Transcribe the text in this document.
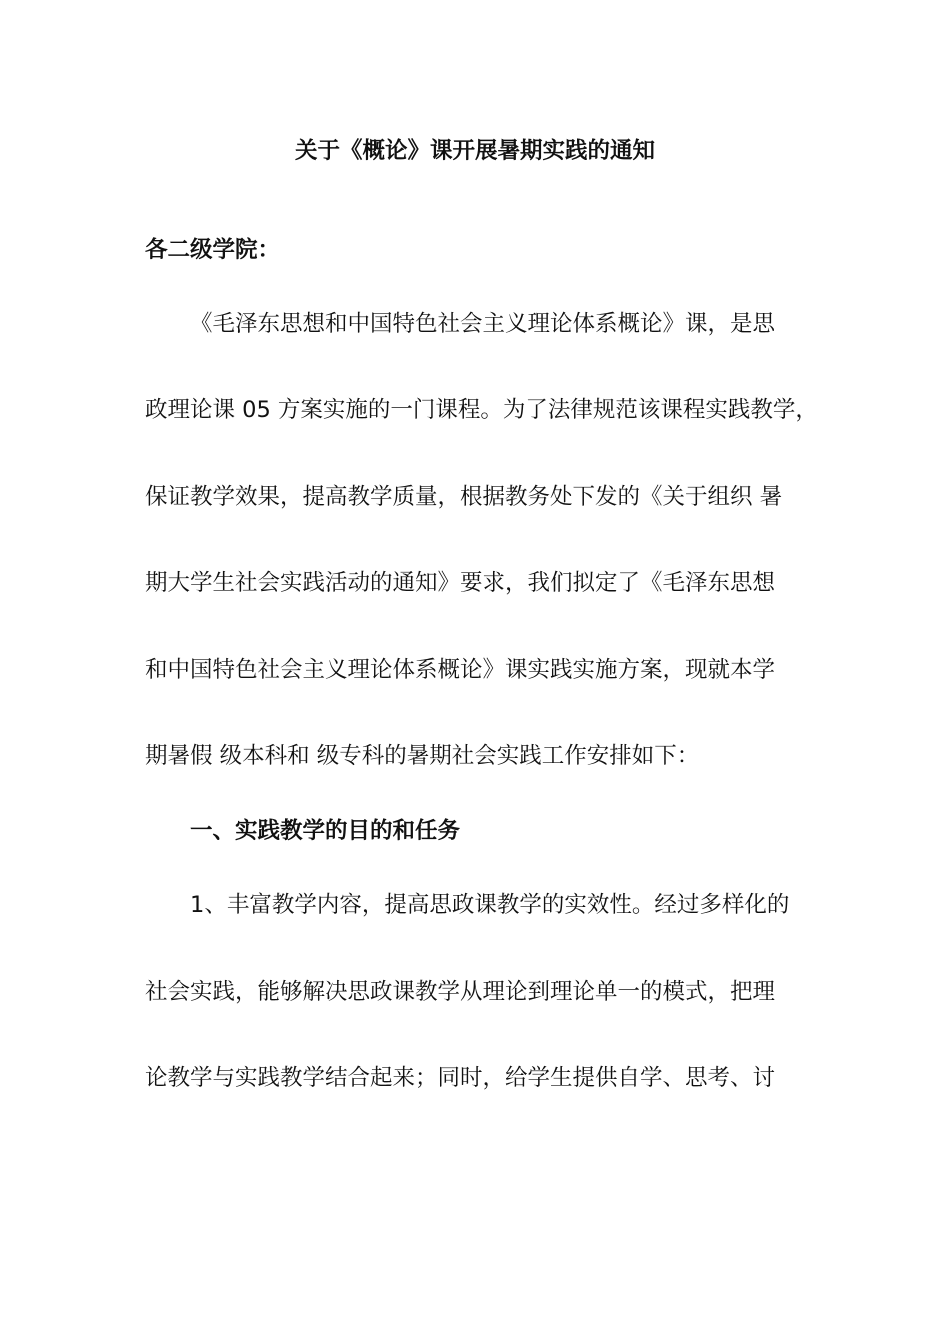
关于《概论》课开展暑期实践的通知
各二级学院：
《毛泽东思想和中国特色社会主义理论体系概论》课，是思
政理论课 05 方案实施的一门课程。为了法律规范该课程实践教学，
保证教学效果，提高教学质量，根据教务处下发的《关于组织 暑
期大学生社会实践活动的通知》要求，我们拟定了《毛泽东思想
和中国特色社会主义理论体系概论》课实践实施方案，现就本学
期暑假 级本科和 级专科的暑期社会实践工作安排如下：
一、实践教学的目的和任务
1、丰富教学内容，提高思政课教学的实效性。经过多样化的
社会实践，能够解决思政课教学从理论到理论单一的模式，把理
论教学与实践教学结合起来；同时，给学生提供自学、思考、讨
